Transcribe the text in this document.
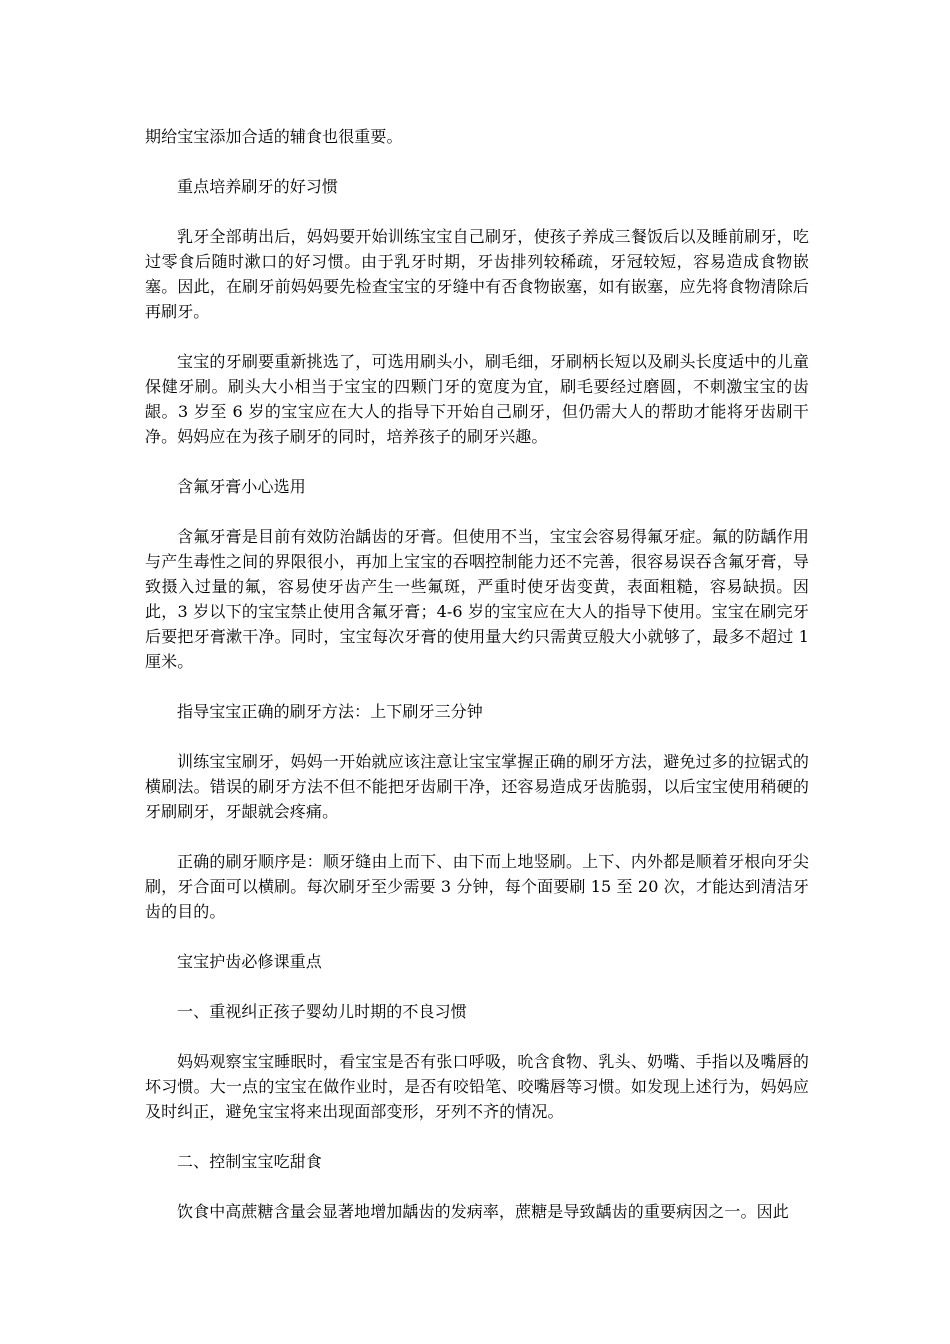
期给宝宝添加合适的辅食也很重要。

重点培养刷牙的好习惯

乳牙全部萌出后，妈妈要开始训练宝宝自己刷牙，使孩子养成三餐饭后以及睡前刷牙，吃过零食后随时漱口的好习惯。由于乳牙时期，牙齿排列较稀疏，牙冠较短，容易造成食物嵌塞。因此，在刷牙前妈妈要先检查宝宝的牙缝中有否食物嵌塞，如有嵌塞，应先将食物清除后再刷牙。

宝宝的牙刷要重新挑选了，可选用刷头小，刷毛细，牙刷柄长短以及刷头长度适中的儿童保健牙刷。刷头大小相当于宝宝的四颗门牙的宽度为宜，刷毛要经过磨圆，不刺激宝宝的齿龈。3 岁至 6 岁的宝宝应在大人的指导下开始自己刷牙，但仍需大人的帮助才能将牙齿刷干净。妈妈应在为孩子刷牙的同时，培养孩子的刷牙兴趣。

含氟牙膏小心选用

含氟牙膏是目前有效防治龋齿的牙膏。但使用不当，宝宝会容易得氟牙症。氟的防龋作用与产生毒性之间的界限很小，再加上宝宝的吞咽控制能力还不完善，很容易误吞含氟牙膏，导致摄入过量的氟，容易使牙齿产生一些氟斑，严重时使牙齿变黄，表面粗糙，容易缺损。因此，3 岁以下的宝宝禁止使用含氟牙膏；4-6 岁的宝宝应在大人的指导下使用。宝宝在刷完牙后要把牙膏漱干净。同时，宝宝每次牙膏的使用量大约只需黄豆般大小就够了，最多不超过 1 厘米。

指导宝宝正确的刷牙方法：上下刷牙三分钟

训练宝宝刷牙，妈妈一开始就应该注意让宝宝掌握正确的刷牙方法，避免过多的拉锯式的横刷法。错误的刷牙方法不但不能把牙齿刷干净，还容易造成牙齿脆弱，以后宝宝使用稍硬的牙刷刷牙，牙龈就会疼痛。

正确的刷牙顺序是：顺牙缝由上而下、由下而上地竖刷。上下、内外都是顺着牙根向牙尖刷，牙合面可以横刷。每次刷牙至少需要 3 分钟，每个面要刷 15 至 20 次，才能达到清洁牙齿的目的。

宝宝护齿必修课重点

一、重视纠正孩子婴幼儿时期的不良习惯

妈妈观察宝宝睡眠时，看宝宝是否有张口呼吸，吮含食物、乳头、奶嘴、手指以及嘴唇的坏习惯。大一点的宝宝在做作业时，是否有咬铅笔、咬嘴唇等习惯。如发现上述行为，妈妈应及时纠正，避免宝宝将来出现面部变形，牙列不齐的情况。

二、控制宝宝吃甜食

饮食中高蔗糖含量会显著地增加龋齿的发病率，蔗糖是导致龋齿的重要病因之一。因此
